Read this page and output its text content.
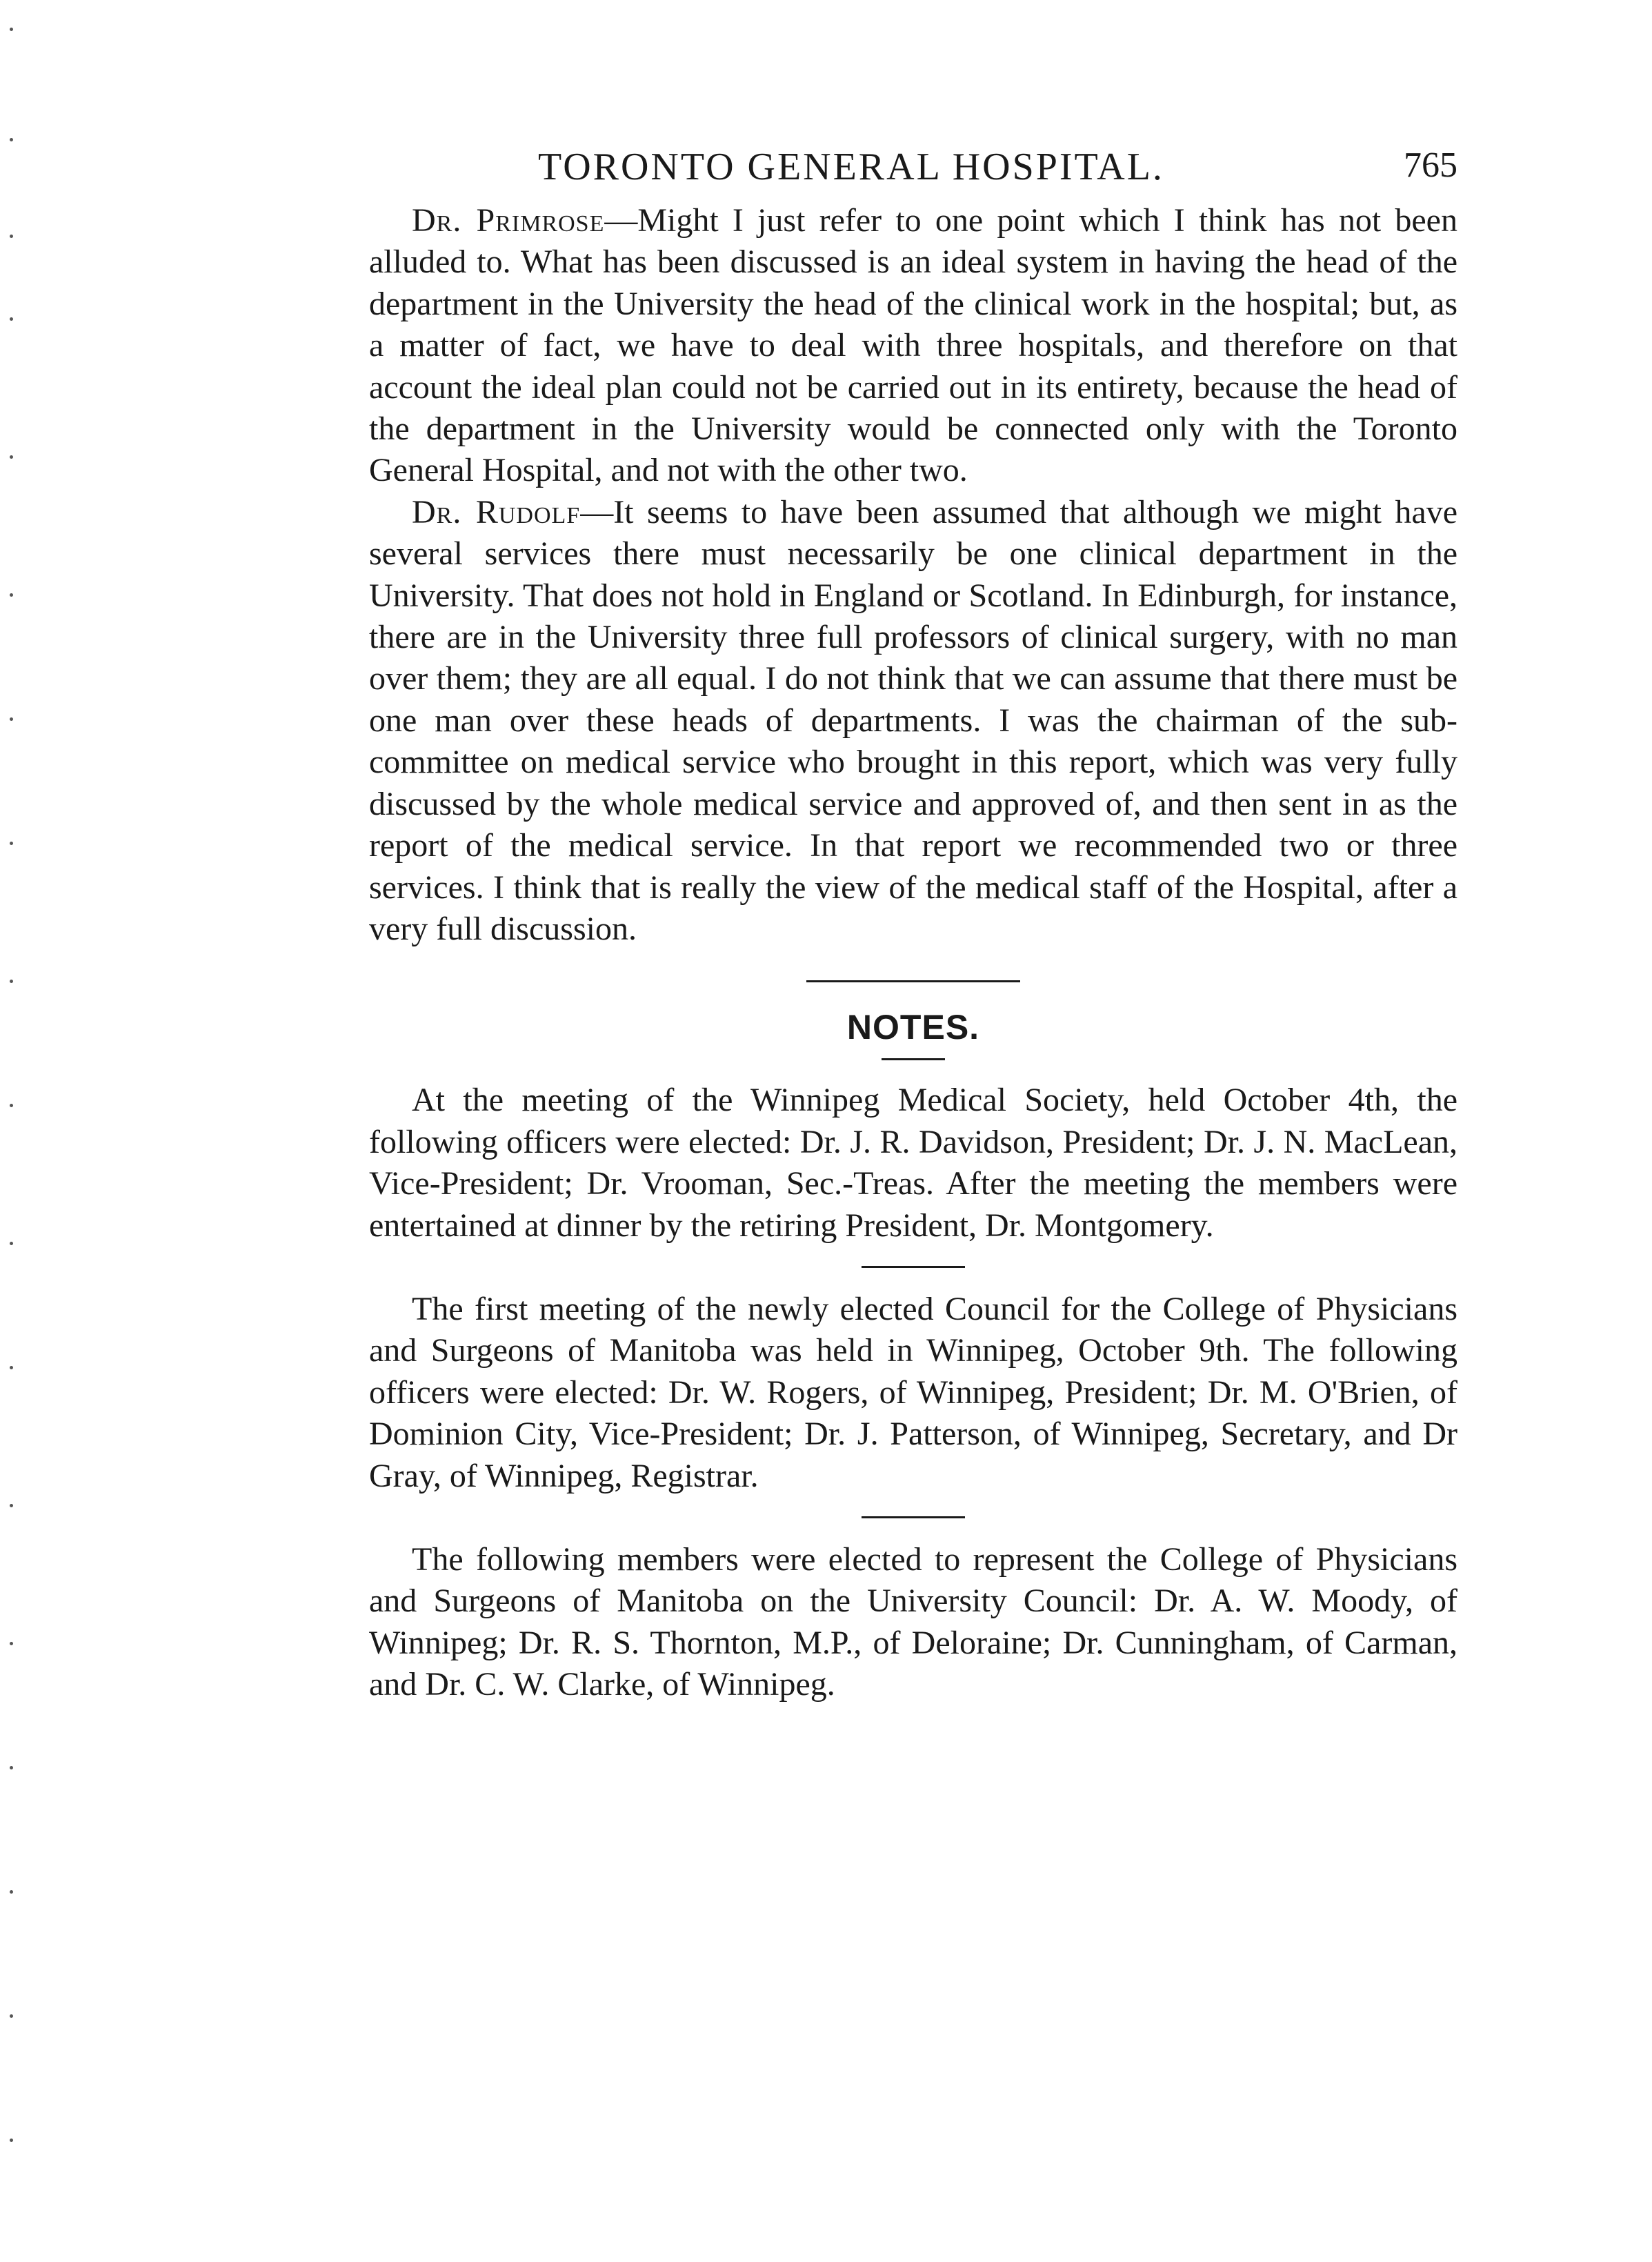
TORONTO GENERAL HOSPITAL.	765

Dr. Primrose—Might I just refer to one point which I think has not been alluded to. What has been discussed is an ideal system in having the head of the department in the University the head of the clinical work in the hospital; but, as a matter of fact, we have to deal with three hospitals, and therefore on that account the ideal plan could not be carried out in its entirety, because the head of the department in the University would be connected only with the Toronto General Hospital, and not with the other two.

Dr. Rudolf—It seems to have been assumed that although we might have several services there must necessarily be one clinical department in the University. That does not hold in England or Scotland. In Edinburgh, for instance, there are in the University three full professors of clinical surgery, with no man over them; they are all equal. I do not think that we can assume that there must be one man over these heads of departments. I was the chairman of the sub-committee on medical service who brought in this report, which was very fully discussed by the whole medical service and approved of, and then sent in as the report of the medical service. In that report we recommended two or three services. I think that is really the view of the medical staff of the Hospital, after a very full discussion.

NOTES.

At the meeting of the Winnipeg Medical Society, held October 4th, the following officers were elected: Dr. J. R. Davidson, President; Dr. J. N. MacLean, Vice-President; Dr. Vrooman, Sec.-Treas. After the meeting the members were entertained at dinner by the retiring President, Dr. Montgomery.

The first meeting of the newly elected Council for the College of Physicians and Surgeons of Manitoba was held in Winnipeg, October 9th. The following officers were elected: Dr. W. Rogers, of Winnipeg, President; Dr. M. O'Brien, of Dominion City, Vice-President; Dr. J. Patterson, of Winnipeg, Secretary, and Dr Gray, of Winnipeg, Registrar.

The following members were elected to represent the College of Physicians and Surgeons of Manitoba on the University Council: Dr. A. W. Moody, of Winnipeg; Dr. R. S. Thornton, M.P., of Deloraine; Dr. Cunningham, of Carman, and Dr. C. W. Clarke, of Winnipeg.
